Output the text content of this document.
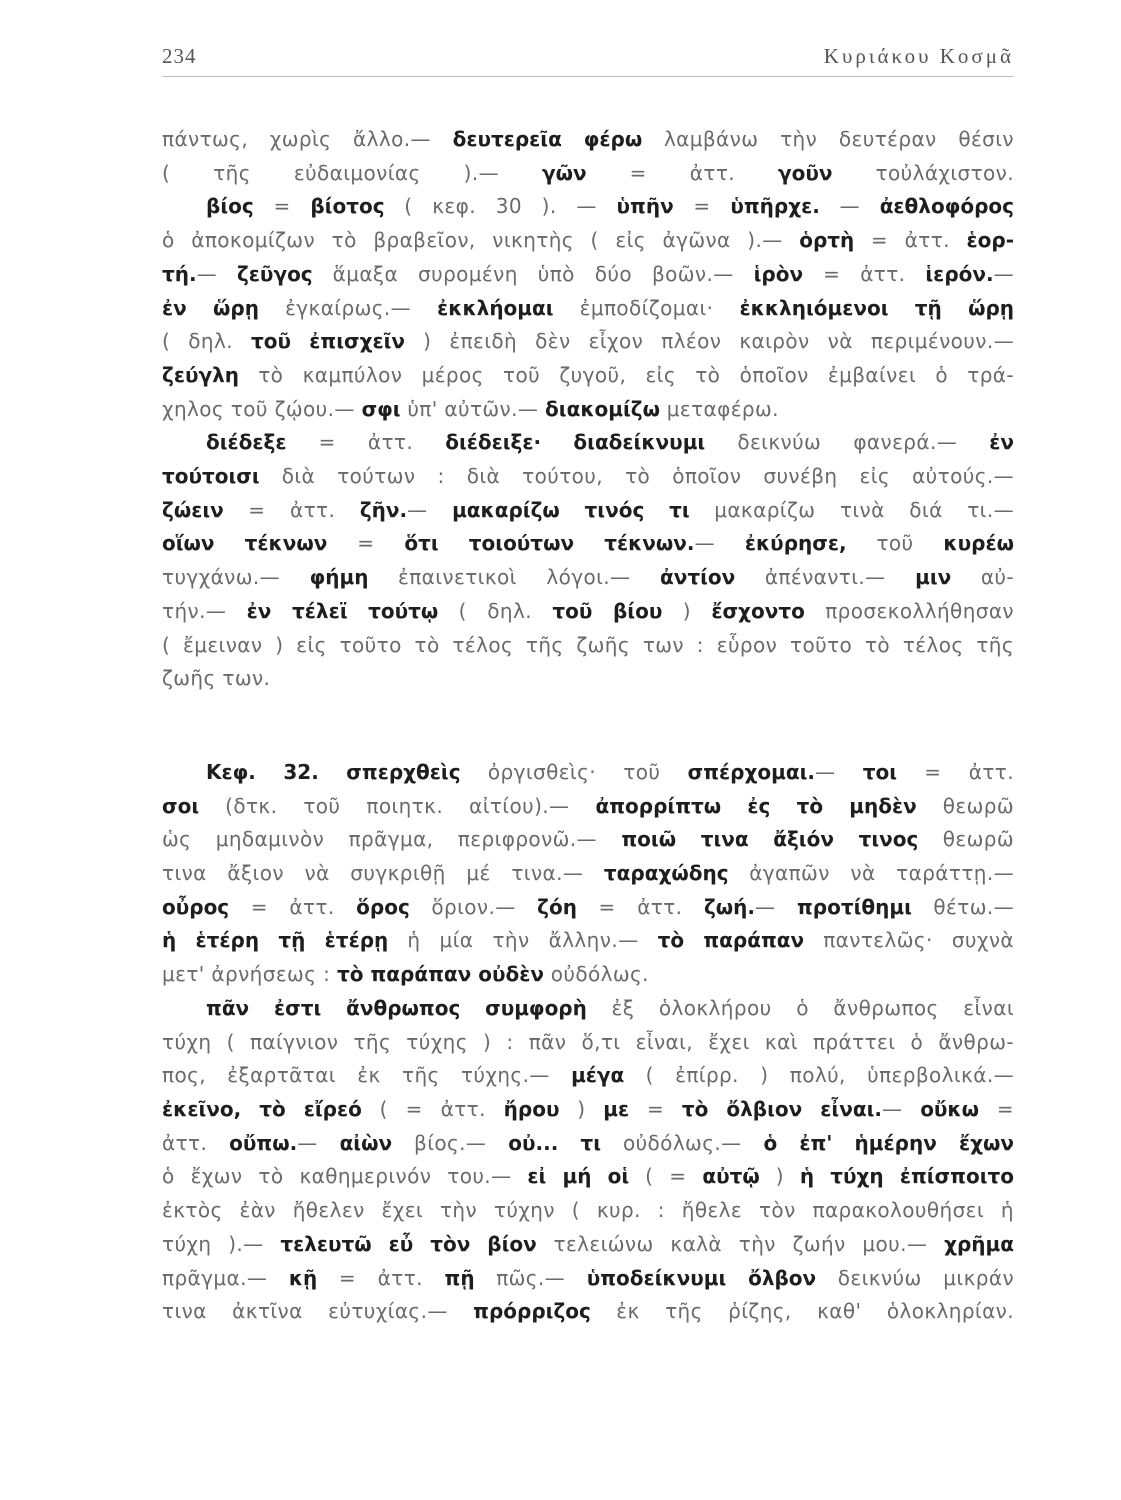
234	Κυριάκου Κοσμᾶ
πάντως, χωρὶς ἄλλο.— δευτερεῖα φέρω λαμβάνω τὴν δευτέραν θέσιν
( τῆς εὐδαιμονίας ).— γῶν = ἀττ. γοῦν τοὐλάχιστον.
βίος = βίοτος ( κεφ. 30 ). — ὑπῆν = ὑπῆρχε. — ἀεθλοφόρος
ὁ ἀποκομίζων τὸ βραβεῖον, νικητὴς ( εἰς ἀγῶνα ).— ὁρτὴ = ἀττ. ἑορ-
τή.— ζεῦγος ἅμαξα συρομένη ὑπὸ δύο βοῶν.— ἱρὸν = ἀττ. ἱερόν.—
ἐν ὥρῃ ἐγκαίρως.— ἐκκλήομαι ἐμποδίζομαι· ἐκκληιόμενοι τῇ ὥρῃ
( δηλ. τοῦ ἐπισχεῖν ) ἐπειδὴ δὲν εἶχον πλέον καιρὸν νὰ περιμένουν.—
ζεύγλη τὸ καμπύλον μέρος τοῦ ζυγοῦ, εἰς τὸ ὁποῖον ἐμβαίνει ὁ τρά-
χηλος τοῦ ζῴου.— σφι ὑπ' αὐτῶν.— διακομίζω μεταφέρω.
διέδεξε = ἀττ. διέδειξε· διαδείκνυμι δεικνύω φανερά.— ἐν
τούτοισι διὰ τούτων : διὰ τούτου, τὸ ὁποῖον συνέβη εἰς αὐτούς.—
ζώειν = ἀττ. ζῆν.— μακαρίζω τινός τι μακαρίζω τινὰ διά τι.—
οἵων τέκνων = ὅτι τοιούτων τέκνων.— ἐκύρησε, τοῦ κυρέω
τυγχάνω.— φήμη ἐπαινετικοὶ λόγοι.— ἀντίον ἀπέναντι.— μιν αὐ-
τήν.— ἐν τέλεϊ τούτῳ ( δηλ. τοῦ βίου ) ἔσχοντο προσεκολλήθησαν
( ἔμειναν ) εἰς τοῦτο τὸ τέλος τῆς ζωῆς των : εὗρον τοῦτο τὸ τέλος τῆς
ζωῆς των.
Κεφ. 32. σπερχθεὶς ὀργισθεὶς· τοῦ σπέρχομαι.— τοι = ἀττ.
σοι (δτκ. τοῦ ποιητκ. αἰτίου).— ἀπορρίπτω ἐς τὸ μηδὲν θεωρῶ
ὡς μηδαμινὸν πρᾶγμα, περιφρονῶ.— ποιῶ τινα ἄξιόν τινος θεωρῶ
τινα ἄξιον νὰ συγκριθῇ μέ τινα.— ταραχώδης ἀγαπῶν νὰ ταράττῃ.—
οὖρος = ἀττ. ὅρος ὅριον.— ζόη = ἀττ. ζωή.— προτίθημι θέτω.—
ἡ ἑτέρη τῇ ἑτέρῃ ἡ μία τὴν ἄλλην.— τὸ παράπαν παντελῶς· συχνὰ
μετ' ἀρνήσεως : τὸ παράπαν οὐδὲν οὐδόλως.
πᾶν ἐστι ἄνθρωπος συμφορὴ ἐξ ὁλοκλήρου ὁ ἄνθρωπος εἶναι
τύχη ( παίγνιον τῆς τύχης ) : πᾶν ὅ,τι εἶναι, ἔχει καὶ πράττει ὁ ἄνθρω-
πος, ἐξαρτᾶται ἐκ τῆς τύχης.— μέγα ( ἐπίρρ. ) πολύ, ὑπερβολικά.—
ἐκεῖνο, τὸ εἴρεό ( = ἀττ. ἤρου ) με = τὸ ὄλβιον εἶναι.— οὔκω =
ἀττ. οὔπω.— αἰὼν βίος.— οὐ... τι οὐδόλως.— ὁ ἐπ' ἡμέρην ἔχων
ὁ ἔχων τὸ καθημερινόν του.— εἰ μή οἱ ( = αὐτῷ ) ἡ τύχη ἐπίσποιτο
ἐκτὸς ἐὰν ἤθελεν ἔχει τὴν τύχην ( κυρ. : ἤθελε τὸν παρακολουθήσει ἡ
τύχη ).— τελευτῶ εὖ τὸν βίον τελειώνω καλὰ τὴν ζωήν μου.— χρῆμα
πρᾶγμα.— κῇ = ἀττ. πῇ πῶς.— ὑποδείκνυμι ὄλβον δεικνύω μικράν
τινα ἀκτῖνα εὐτυχίας.— πρόρριζος ἐκ τῆς ῥίζης, καθ' ὁλοκληρίαν.
